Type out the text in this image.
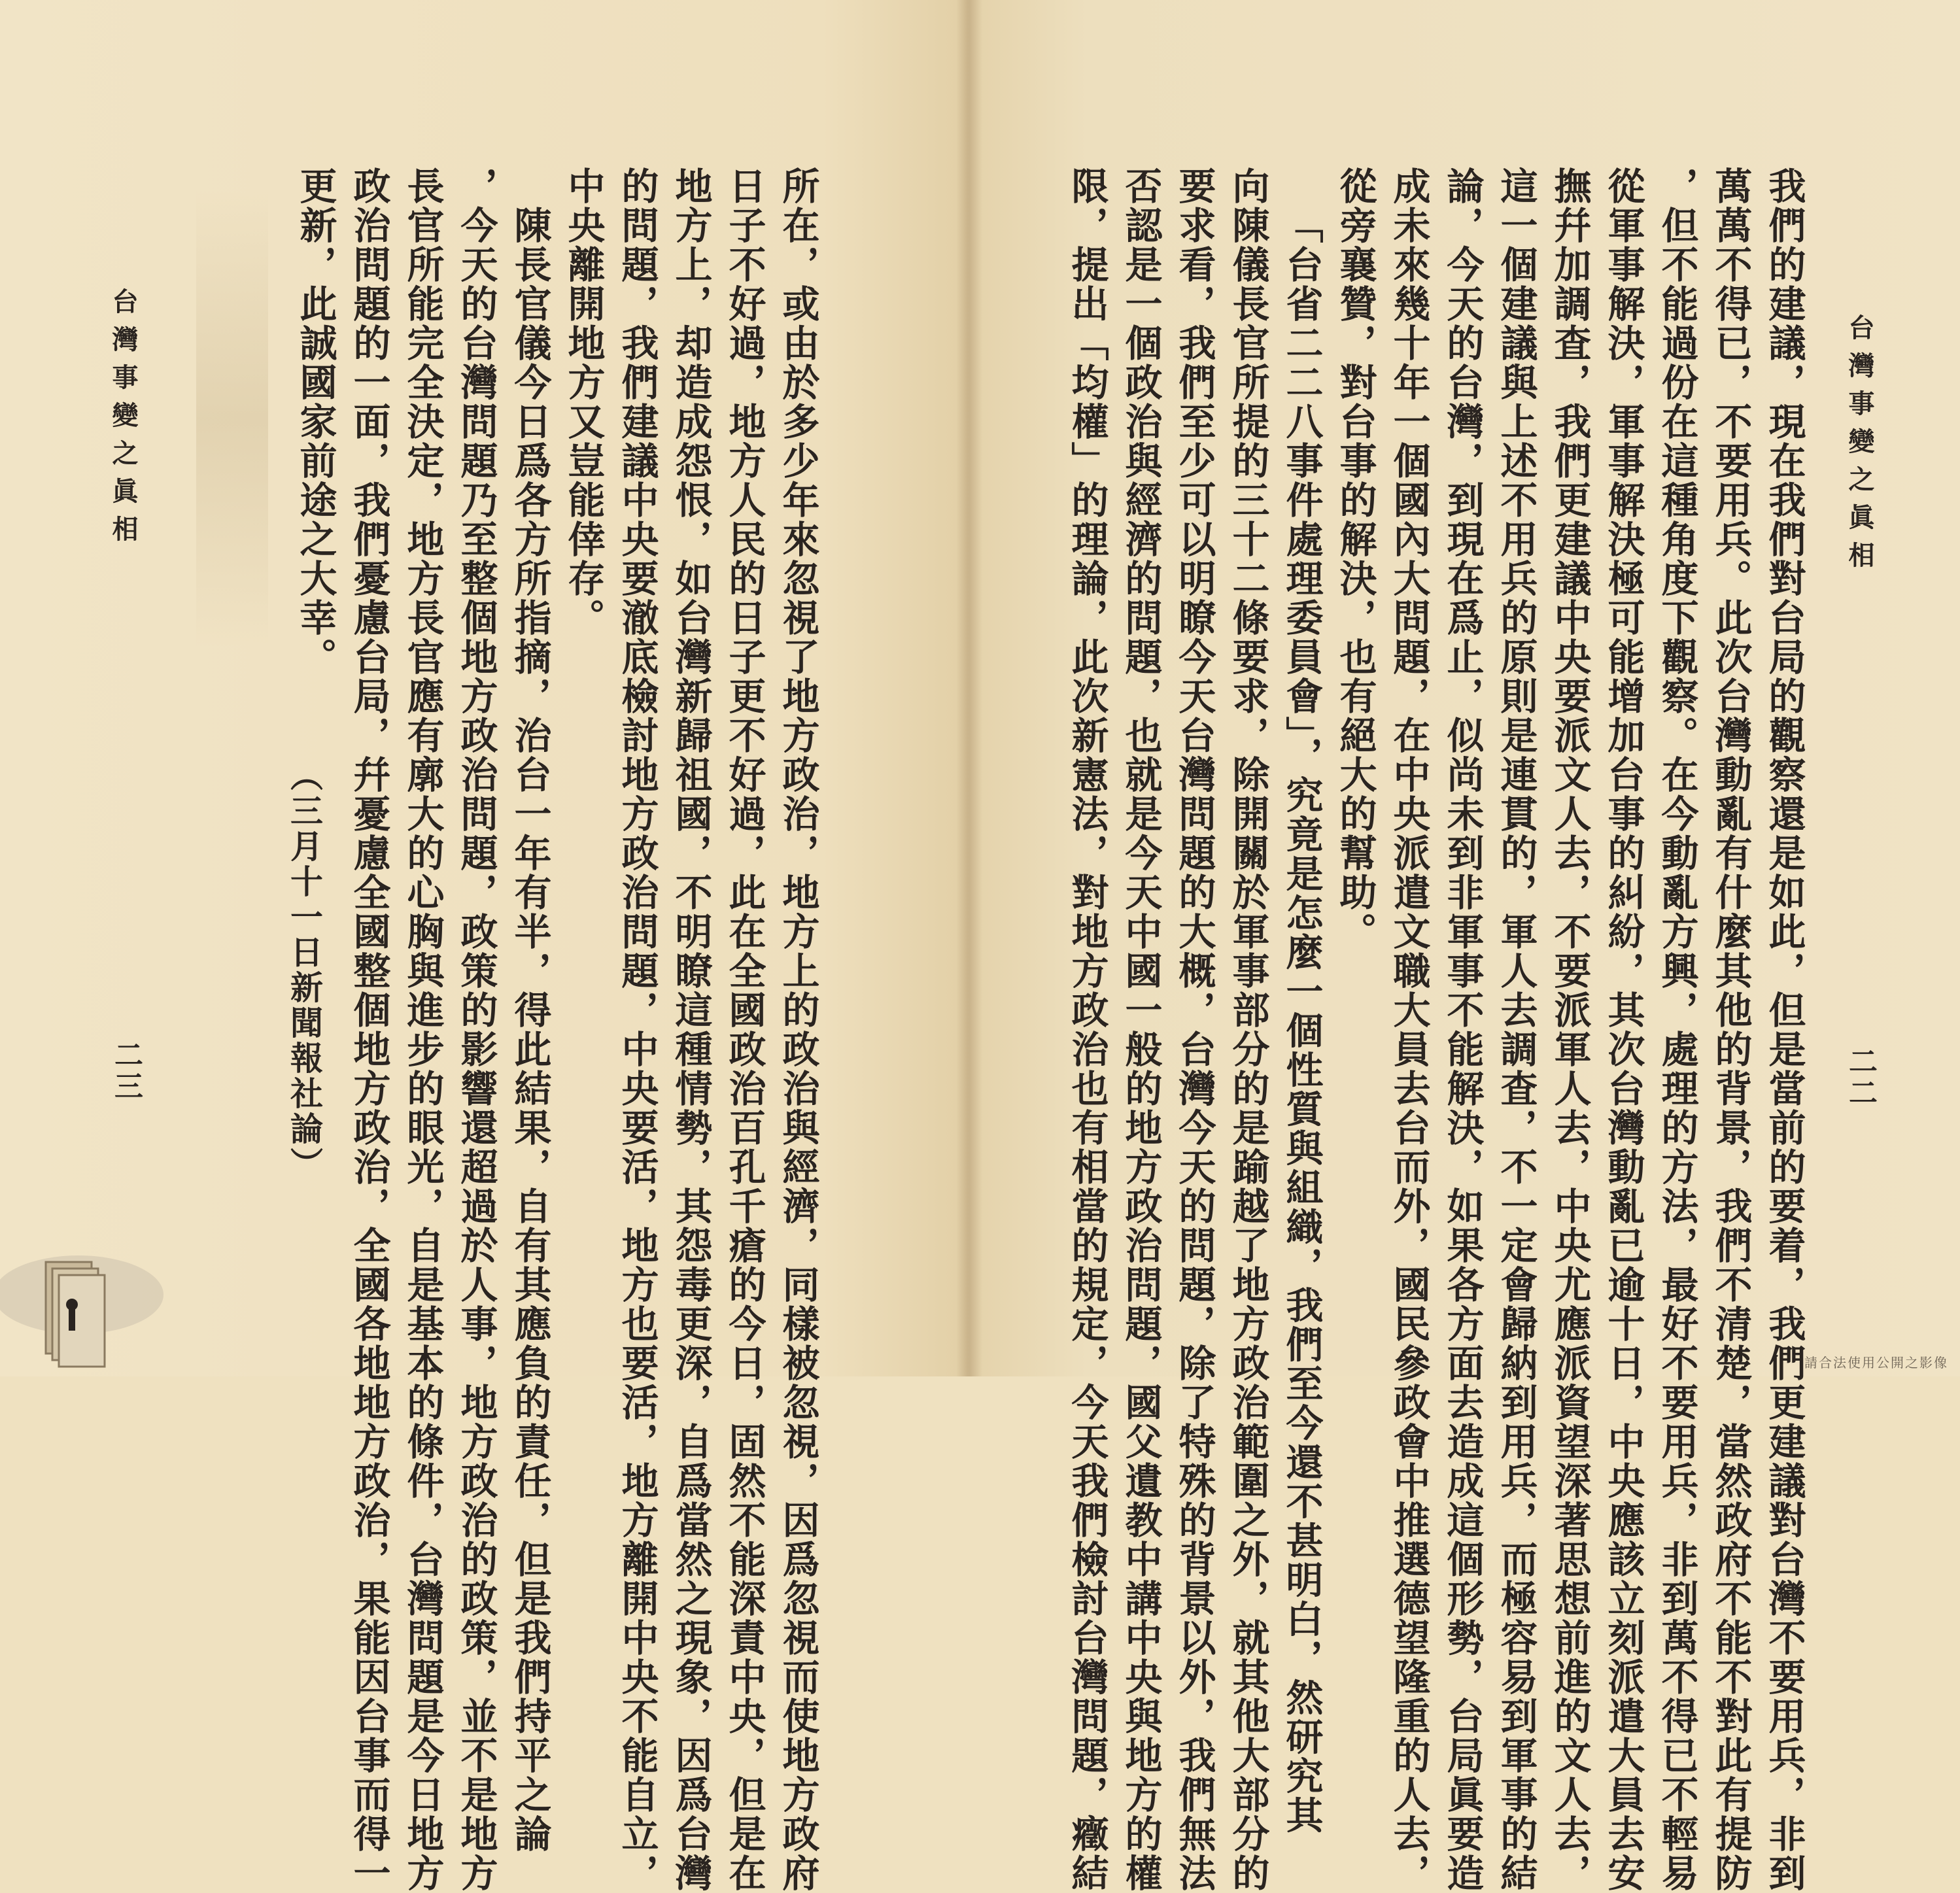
台灣事變之眞相
二二
我們的建議，現在我們對台局的觀察還是如此，但是當前的要着，我們更建議對台灣不要用兵，非到
萬萬不得已，不要用兵。此次台灣動亂有什麼其他的背景，我們不清楚，當然政府不能不對此有提防
，但不能過份在這種角度下觀察。在今動亂方興，處理的方法，最好不要用兵，非到萬不得已不輕易
從軍事解決，軍事解決極可能增加台事的糾紛，其次台灣動亂已逾十日，中央應該立刻派遣大員去安
撫幷加調査，我們更建議中央要派文人去，不要派軍人去，中央尤應派資望深著思想前進的文人去，
這一個建議與上述不用兵的原則是連貫的，軍人去調査，不一定會歸納到用兵，而極容易到軍事的結
論，今天的台灣，到現在爲止，似尚未到非軍事不能解決，如果各方面去造成這個形勢，台局眞要造
成未來幾十年一個國內大問題，在中央派遣文職大員去台而外，國民參政會中推選德望隆重的人去，
從旁襄贊，對台事的解決，也有絕大的幫助。
「台省二二八事件處理委員會」，究竟是怎麼一個性質與組織，我們至今還不甚明白，然研究其
向陳儀長官所提的三十二條要求，除開關於軍事部分的是踰越了地方政治範圍之外，就其他大部分的
要求看，我們至少可以明瞭今天台灣問題的大概，台灣今天的問題，除了特殊的背景以外，我們無法
否認是一個政治與經濟的問題，也就是今天中國一般的地方政治問題，國父遺教中講中央與地方的權
限，提出「均權」的理論，此次新憲法，對地方政治也有相當的規定，今天我們檢討台灣問題，癥結
所在，或由於多少年來忽視了地方政治，地方上的政治與經濟，同樣被忽視，因爲忽視而使地方政府
日子不好過，地方人民的日子更不好過，此在全國政治百孔千瘡的今日，固然不能深責中央，但是在
地方上，却造成怨恨，如台灣新歸祖國，不明瞭這種情勢，其怨毒更深，自爲當然之現象，因爲台灣
的問題，我們建議中央要澈底檢討地方政治問題，中央要活，地方也要活，地方離開中央不能自立，
中央離開地方又豈能倖存。
陳長官儀今日爲各方所指摘，治台一年有半，得此結果，自有其應負的責任，但是我們持平之論
，今天的台灣問題乃至整個地方政治問題，政策的影響還超過於人事，地方政治的政策，並不是地方
長官所能完全決定，地方長官應有廓大的心胸與進步的眼光，自是基本的條件，台灣問題是今日地方
政治問題的一面，我們憂慮台局，幷憂慮全國整個地方政治，全國各地地方政治，果能因台事而得一
更新，此誠國家前途之大幸。
（三月十一日新聞報社論）
台灣事變之眞相
二三
請合法使用公開之影像
